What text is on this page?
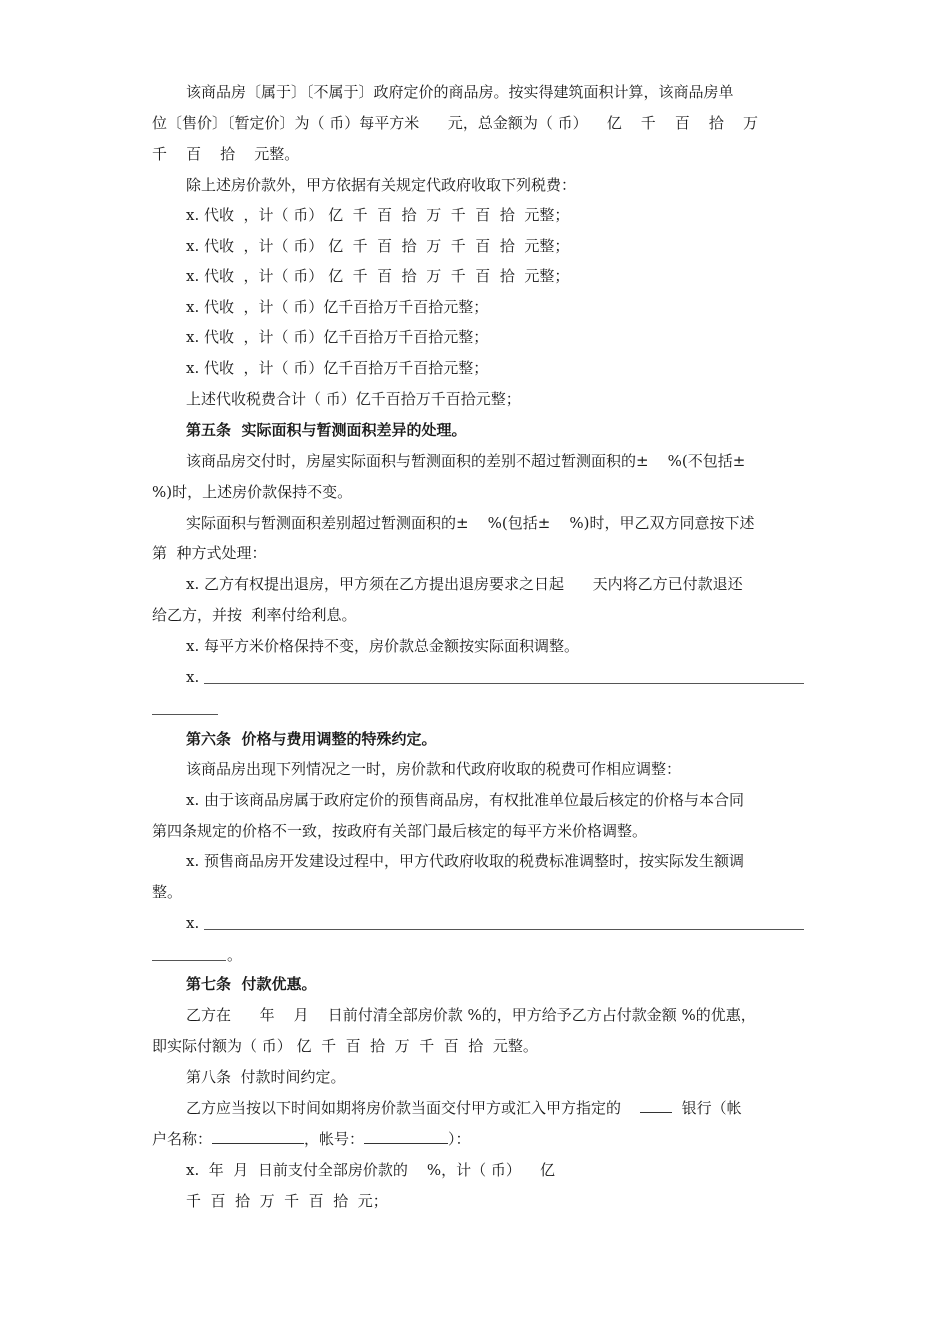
该商品房〔属于〕〔不属于〕政府定价的商品房。按实得建筑面积计算，该商品房单
位〔售价〕〔暂定价〕为（ 币）每平方米      元，总金额为（ 币）    亿    千    百    拾    万
千    百    拾    元整。
除上述房价款外，甲方依据有关规定代政府收取下列税费：
x. 代收  ，计（ 币） 亿  千  百  拾  万  千  百  拾  元整；
x. 代收  ，计（ 币） 亿  千  百  拾  万  千  百  拾  元整；
x. 代收  ，计（ 币） 亿  千  百  拾  万  千  百  拾  元整；
x. 代收  ，计（ 币）亿千百拾万千百拾元整；
x. 代收  ，计（ 币）亿千百拾万千百拾元整；
x. 代收  ，计（ 币）亿千百拾万千百拾元整；
上述代收税费合计（ 币）亿千百拾万千百拾元整；
第五条  实际面积与暂测面积差异的处理。
该商品房交付时，房屋实际面积与暂测面积的差别不超过暂测面积的±    %(不包括±
%)时，上述房价款保持不变。
实际面积与暂测面积差别超过暂测面积的±    %(包括±    %)时，甲乙双方同意按下述
第  种方式处理：
x. 乙方有权提出退房，甲方须在乙方提出退房要求之日起      天内将乙方已付款退还
给乙方，并按  利率付给利息。
x. 每平方米价格保持不变，房价款总金额按实际面积调整。
x.
第六条  价格与费用调整的特殊约定。
该商品房出现下列情况之一时，房价款和代政府收取的税费可作相应调整：
x. 由于该商品房属于政府定价的预售商品房，有权批准单位最后核定的价格与本合同
第四条规定的价格不一致，按政府有关部门最后核定的每平方米价格调整。
x. 预售商品房开发建设过程中，甲方代政府收取的税费标准调整时，按实际发生额调
整。
x.
。
第七条  付款优惠。
乙方在      年    月    日前付清全部房价款 %的，甲方给予乙方占付款金额 %的优惠，
即实际付额为（ 币） 亿  千  百  拾  万  千  百  拾  元整。
第八条  付款时间约定。
乙方应当按以下时间如期将房价款当面交付甲方或汇入甲方指定的	银行（帐
户名称：	，帐号：	）：
x.  年  月  日前支付全部房价款的    %，计（ 币）    亿
千  百  拾  万  千  百  拾  元；
